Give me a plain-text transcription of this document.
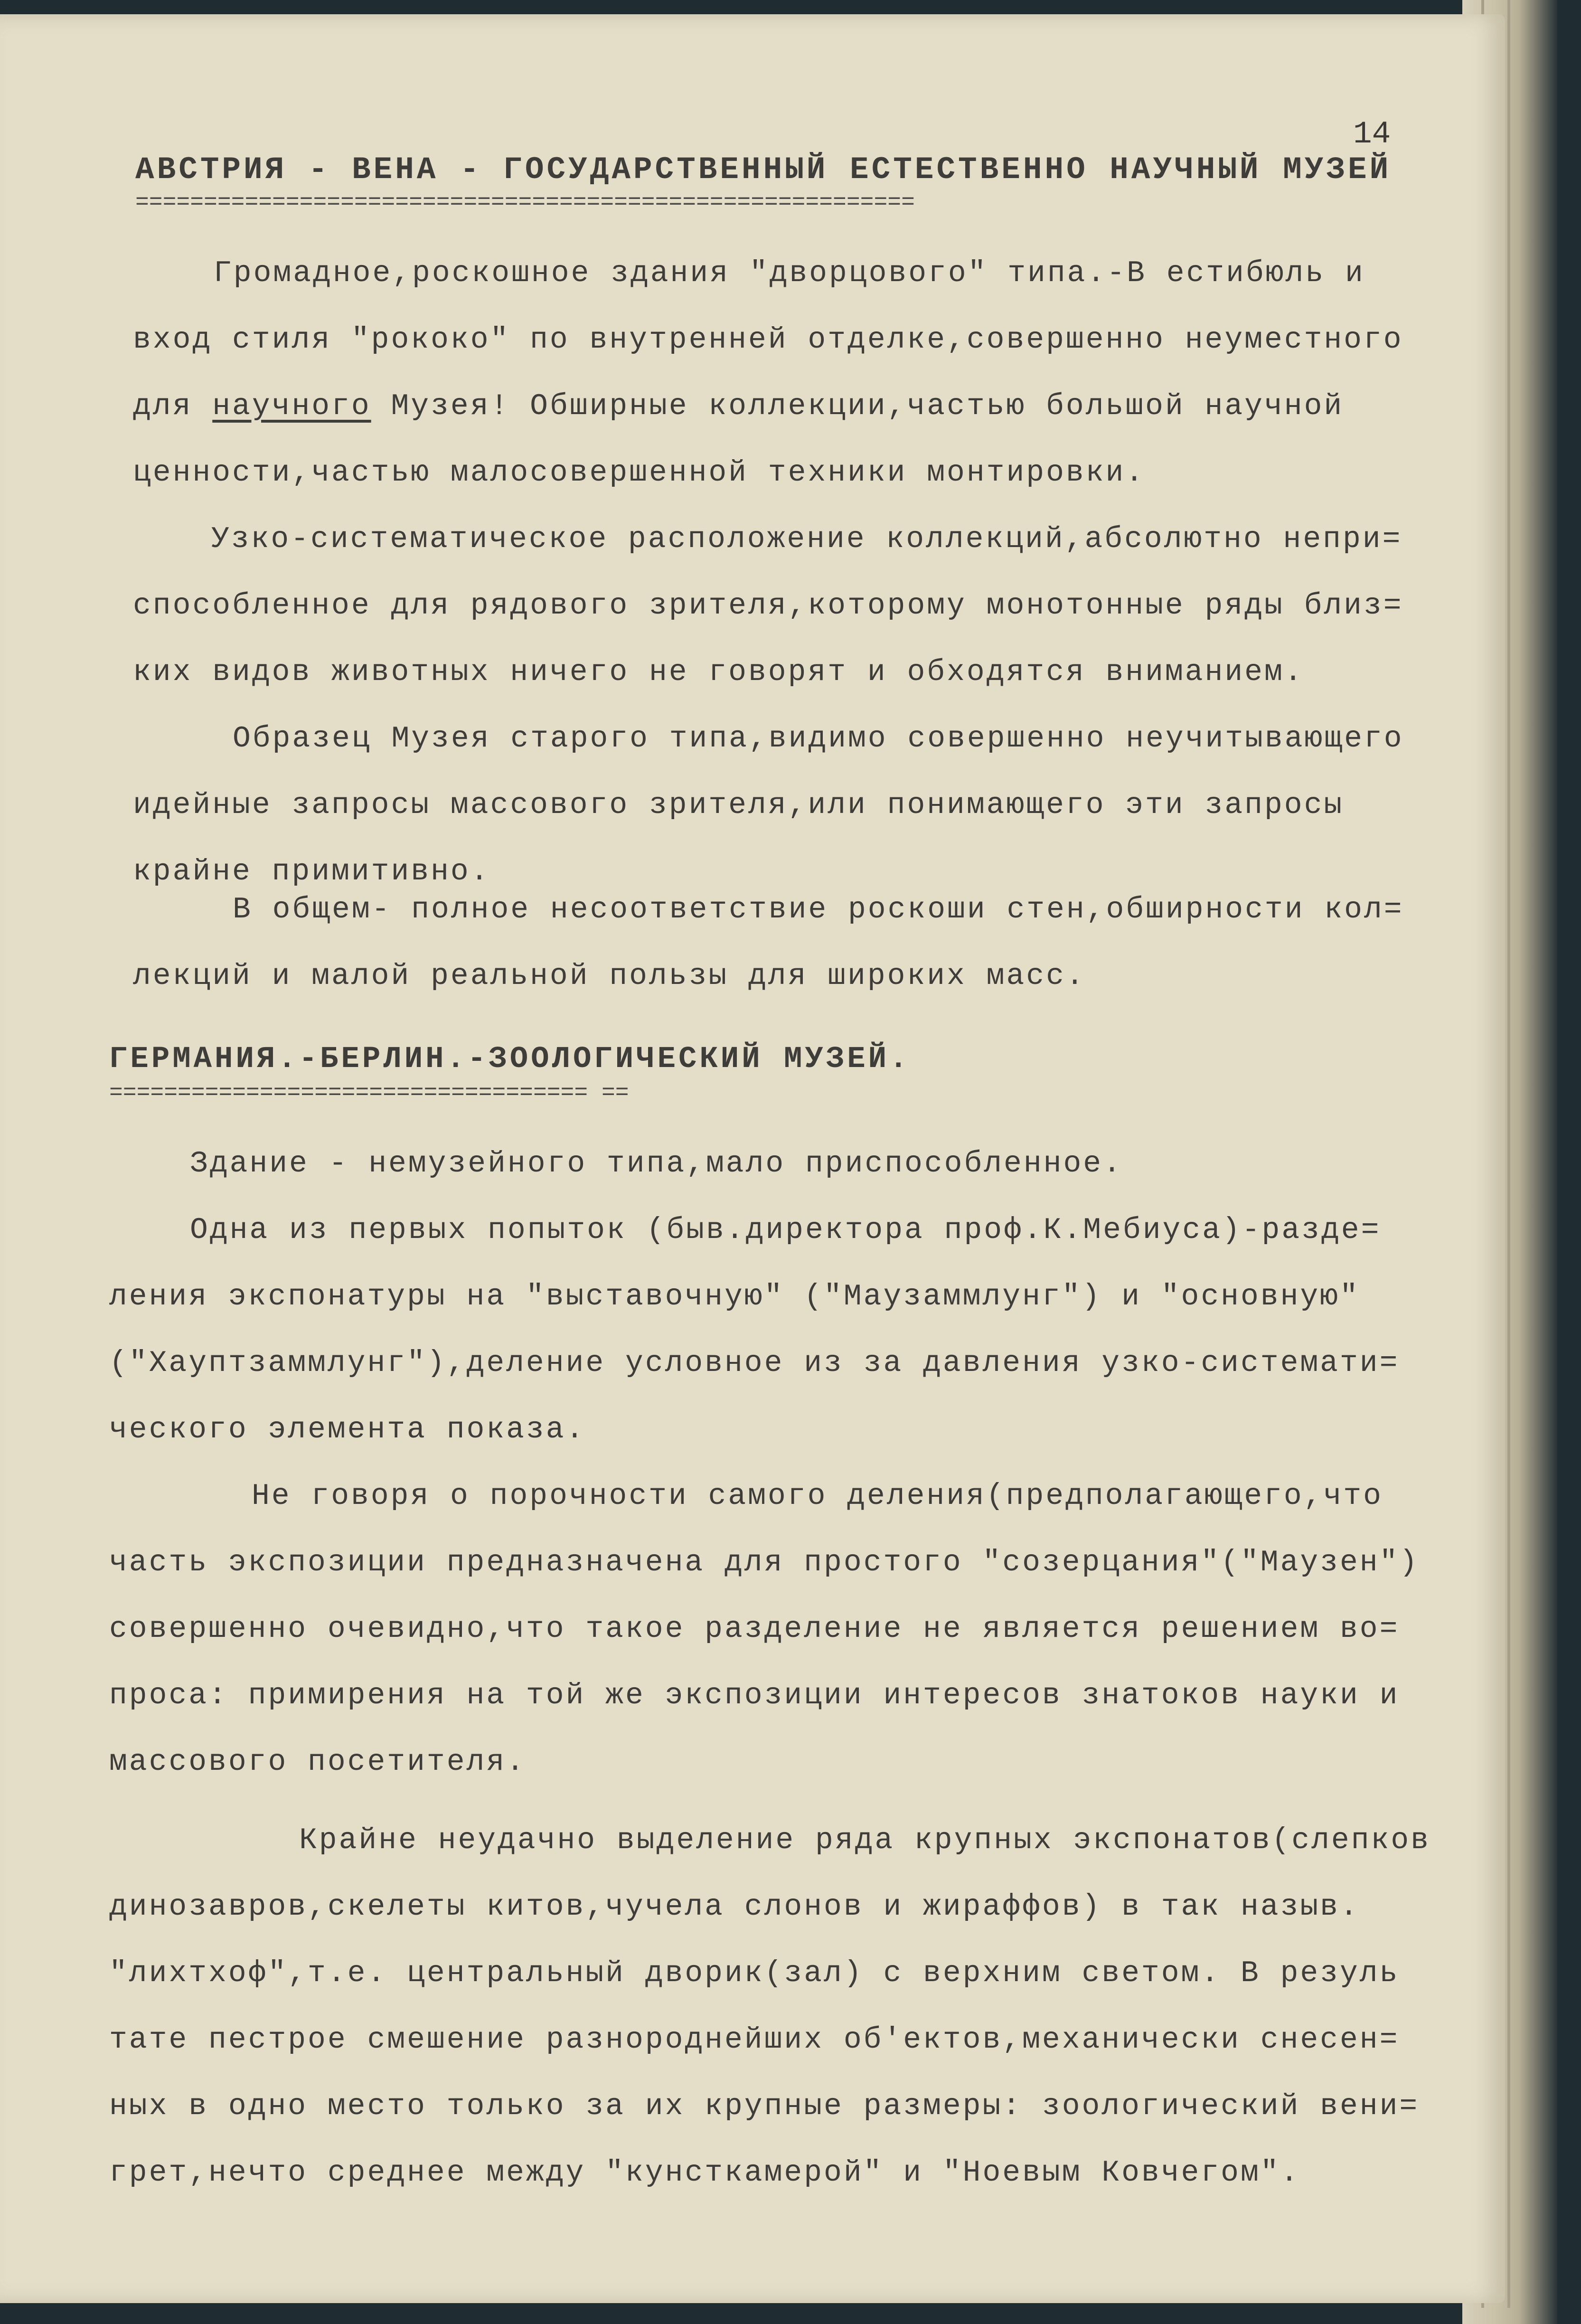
14
АВСТРИЯ - ВЕНА - ГОСУДАРСТВЕННЫЙ ЕСТЕСТВЕННО НАУЧНЫЙ МУЗЕЙ
=========================================================
Громадное,роскошное здания "дворцового" типа.-В естибюль и
вход стиля "рококо" по внутренней отделке,совершенно неуместного
для научного Музея! Обширные коллекции,частью большой научной
ценности,частью малосовершенной техники монтировки.
Узко-систематическое расположение коллекций,абсолютно непри=
способленное для рядового зрителя,которому монотонные ряды близ=
ких видов животных ничего не говорят и обходятся вниманием.
Образец Музея старого типа,видимо совершенно неучитывающего
идейные запросы массового зрителя,или понимающего эти запросы
крайне примитивно.
В общем- полное несоответствие роскоши стен,обширности кол=
лекций и малой реальной пользы для широких масс.
ГЕРМАНИЯ.-БЕРЛИН.-ЗООЛОГИЧЕСКИЙ МУЗЕЙ.
=================================== ==
Здание - немузейного типа,мало приспособленное.
Одна из первых попыток (быв.директора проф.К.Мебиуса)-разде=
ления экспонатуры на "выставочную" ("Маузаммлунг") и "основную"
("Хауптзаммлунг"),деление условное из за давления узко-системати=
ческого элемента показа.
Не говоря о порочности самого деления(предполагающего,что
часть экспозиции предназначена для простого "созерцания"("Маузен")
совершенно очевидно,что такое разделение не является решением во=
проса: примирения на той же экспозиции интересов знатоков науки и
массового посетителя.
Крайне неудачно выделение ряда крупных экспонатов(слепков
динозавров,скелеты китов,чучела слонов и жираффов) в так назыв.
"лихтхоф",т.е. центральный дворик(зал) с верхним светом. В резуль
тате пестрое смешение разнороднейших об'ектов,механически снесен=
ных в одно место только за их крупные размеры: зоологический вени=
грет,нечто среднее между "кунсткамерой" и "Ноевым Ковчегом".
